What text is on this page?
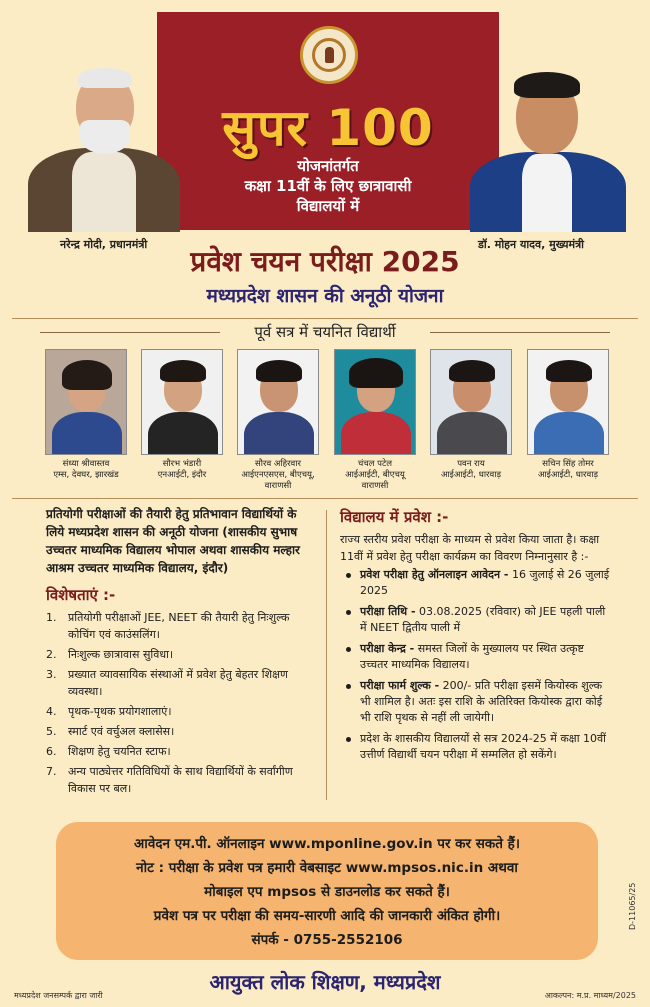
सुपर 100
योजनांतर्गत
कक्षा 11वीं के लिए छात्रावासी
विद्यालयों में
नरेन्द्र मोदी, प्रधानमंत्री	डॉ. मोहन यादव, मुख्यमंत्री
प्रवेश चयन परीक्षा 2025
मध्यप्रदेश शासन की अनूठी योजना
पूर्व सत्र में चयनित विद्यार्थी
संध्या श्रीवास्तव
एम्स, देवघर, झारखंड
सौरभ भंडारी
एनआईटी, इंदौर
सौरव अहिरवार
आईएनएसएस, बीएचयू,
वाराणसी
चंचल पटेल
आईआईटी, बीएचयू
वाराणसी
पवन राय
आईआईटी, धारवाड़
सचिन सिंह तोमर
आईआईटी, धारवाड़
प्रतियोगी परीक्षाओं की तैयारी हेतु प्रतिभावान विद्यार्थियों के लिये मध्यप्रदेश शासन की अनूठी योजना (शासकीय सुभाष उच्चतर माध्यमिक विद्यालय भोपाल अथवा शासकीय मल्हार आश्रम उच्चतर माध्यमिक विद्यालय, इंदौर)
विशेषताएं :-
1. प्रतियोगी परीक्षाओं JEE, NEET की तैयारी हेतु निःशुल्क कोचिंग एवं काउंसलिंग।
2. निःशुल्क छात्रावास सुविधा।
3. प्रख्यात व्यावसायिक संस्थाओं में प्रवेश हेतु बेहतर शिक्षण व्यवस्था।
4. पृथक-पृथक प्रयोगशालाएं।
5. स्मार्ट एवं वर्चुअल क्लासेस।
6. शिक्षण हेतु चयनित स्टाफ।
7. अन्य पाठ्येत्तर गतिविधियों के साथ विद्यार्थियों के सर्वांगीण विकास पर बल।
विद्यालय में प्रवेश :-
राज्य स्तरीय प्रवेश परीक्षा के माध्यम से प्रवेश किया जाता है। कक्षा 11वीं में प्रवेश हेतु परीक्षा कार्यक्रम का विवरण निम्नानुसार है :-
प्रवेश परीक्षा हेतु ऑनलाइन आवेदन - 16 जुलाई से 26 जुलाई 2025
परीक्षा तिथि - 03.08.2025 (रविवार) को JEE पहली पाली में NEET द्वितीय पाली में
परीक्षा केन्द्र - समस्त जिलों के मुख्यालय पर स्थित उत्कृष्ट उच्चतर माध्यमिक विद्यालय।
परीक्षा फार्म शुल्क - 200/- प्रति परीक्षा इसमें कियोस्क शुल्क भी शामिल है। अतः इस राशि के अतिरिक्त कियोस्क द्वारा कोई भी राशि पृथक से नहीं ली जायेगी।
प्रदेश के शासकीय विद्यालयों से सत्र 2024-25 में कक्षा 10वीं उत्तीर्ण विद्यार्थी चयन परीक्षा में सम्मलित हो सकेंगे।
आवेदन एम.पी. ऑनलाइन www.mponline.gov.in पर कर सकते हैं।
नोट : परीक्षा के प्रवेश पत्र हमारी वेबसाइट www.mpsos.nic.in अथवा
मोबाइल एप mpsos से डाउनलोड कर सकते हैं।
प्रवेश पत्र पर परीक्षा की समय-सारणी आदि की जानकारी अंकित होगी।
संपर्क - 0755-2552106
आयुक्त लोक शिक्षण, मध्यप्रदेश
मध्यप्रदेश जनसम्पर्क द्वारा जारी	आकल्पन: म.प्र. माध्यम/2025
D-11065/25
